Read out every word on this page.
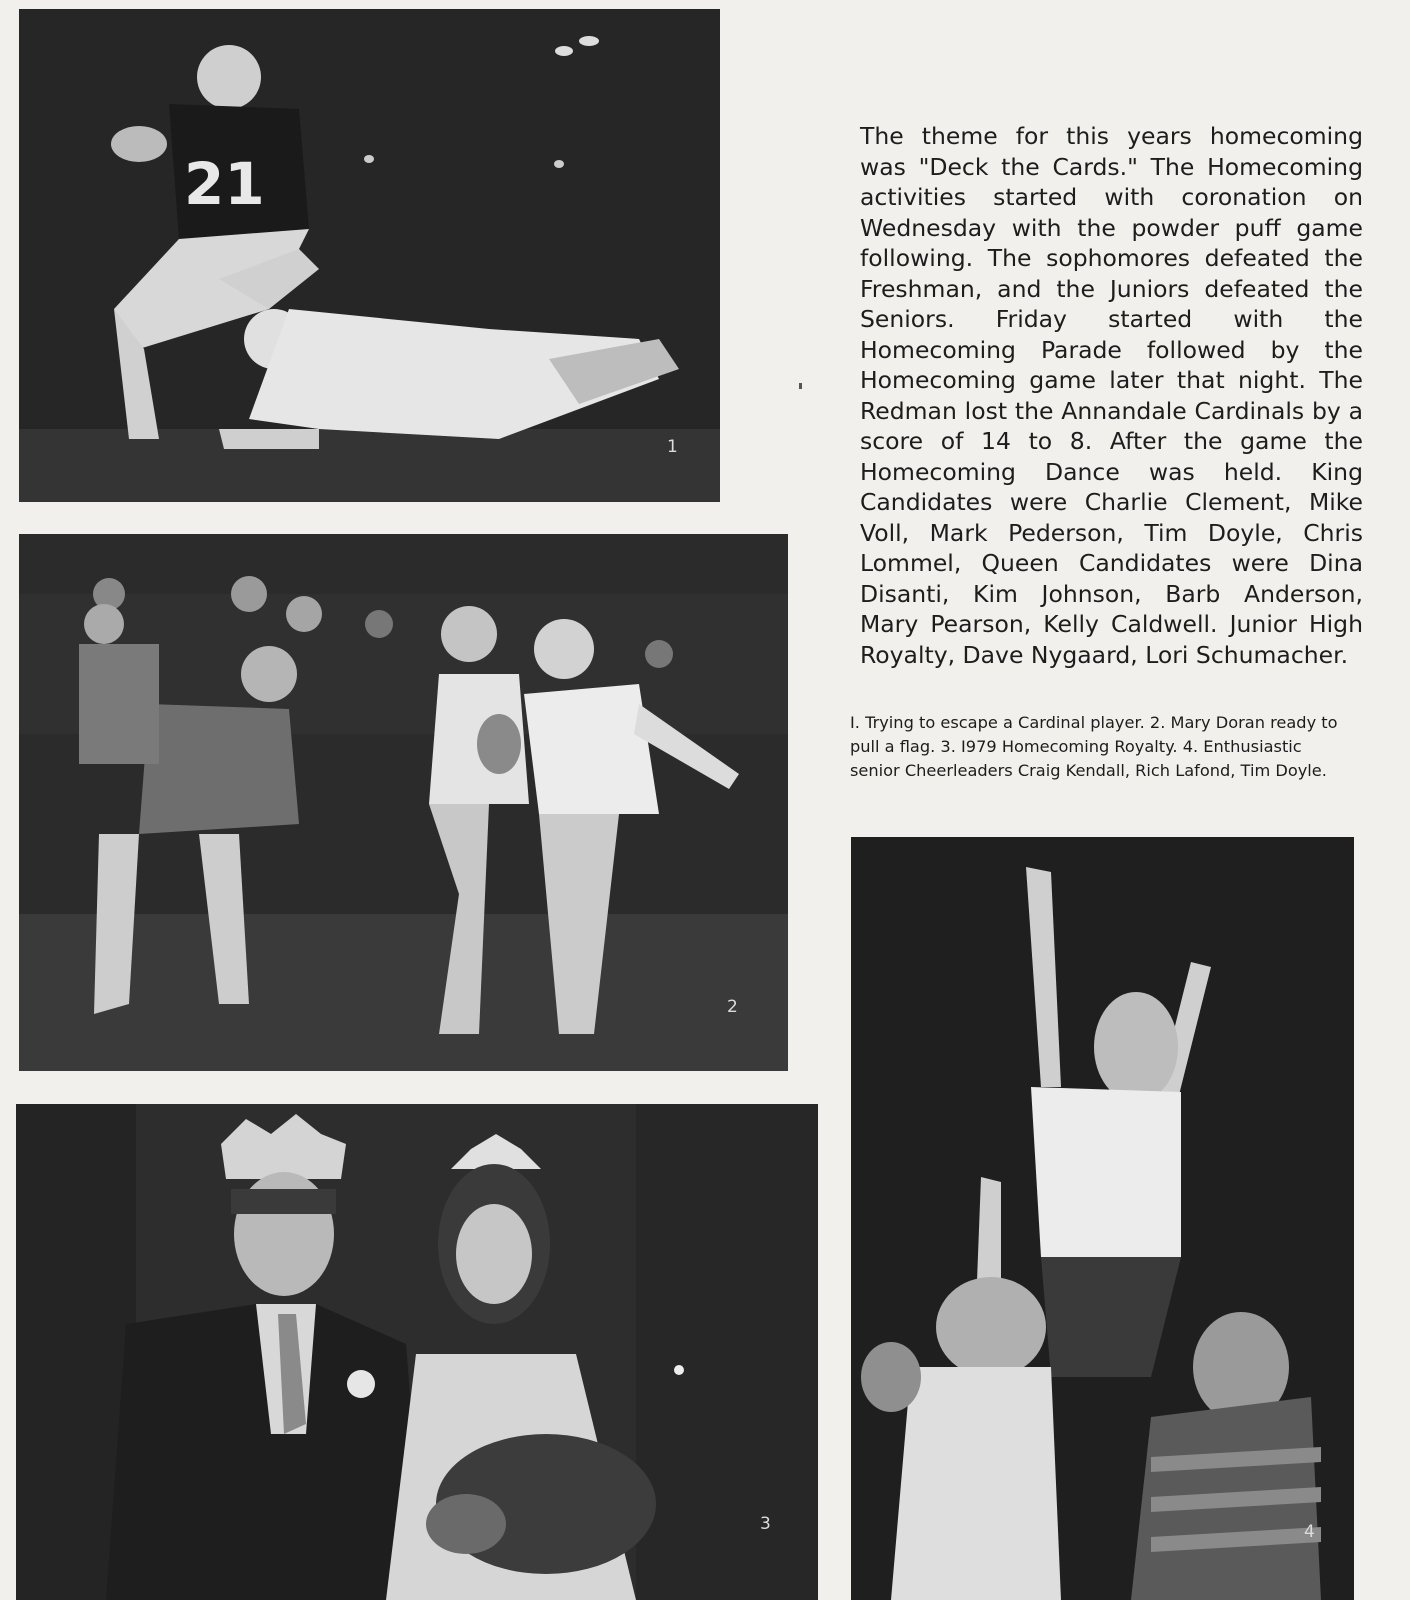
21
1
2
3	4

The theme for this years homecoming was "Deck the Cards." The Homecoming activities started with coronation on Wednesday with the powder puff game following. The sophomores defeated the Freshman, and the Juniors defeated the Seniors. Friday started with the Homecoming Parade followed by the Homecoming game later that night. The Redman lost the Annandale Cardinals by a score of 14 to 8. After the game the Homecoming Dance was held. King Candidates were Charlie Clement, Mike Voll, Mark Pederson, Tim Doyle, Chris Lommel, Queen Candidates were Dina Disanti, Kim Johnson, Barb Anderson, Mary Pearson, Kelly Caldwell. Junior High Royalty, Dave Nygaard, Lori Schumacher.

I. Trying to escape a Cardinal player. 2. Mary Doran ready to pull a flag. 3. I979 Homecoming Royalty. 4. Enthusiastic senior Cheerleaders Craig Kendall, Rich Lafond, Tim Doyle.
